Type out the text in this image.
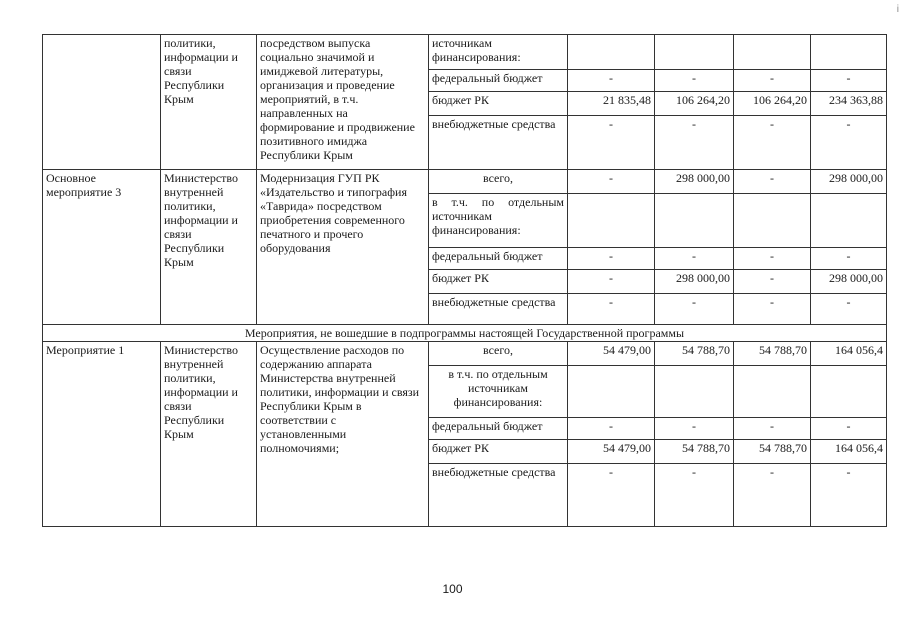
i
	политики, информации и связи Республики Крым	посредством выпуска социально значимой и имиджевой литературы, организация и проведение мероприятий, в т.ч. направленных на формирование и продвижение позитивного имиджа Республики Крым	источникам финансирования:				
			федеральный бюджет	-	-	-	-
			бюджет РК	21 835,48	106 264,20	106 264,20	234 363,88
			внебюджетные средства	-	-	-	-
Основное мероприятие 3	Министерство внутренней политики, информации и связи Республики Крым	Модернизация ГУП РК «Издательство и типография «Таврида» посредством приобретения современного печатного и прочего оборудования	всего,	-	298 000,00	-	298 000,00
			в т.ч. по отдельным источникам финансирования:				
			федеральный бюджет	-	-	-	-
			бюджет РК	-	298 000,00	-	298 000,00
			внебюджетные средства	-	-	-	-
Мероприятия, не вошедшие в подпрограммы настоящей Государственной программы							
Мероприятие 1	Министерство внутренней политики, информации и связи Республики Крым	Осуществление расходов по содержанию аппарата Министерства внутренней политики, информации и связи Республики Крым в соответствии с установленными полномочиями;	всего,	54 479,00	54 788,70	54 788,70	164 056,4
			в т.ч. по отдельным источникам финансирования:				
			федеральный бюджет	-	-	-	-
			бюджет РК	54 479,00	54 788,70	54 788,70	164 056,4
			внебюджетные средства	-	-	-	-
100
